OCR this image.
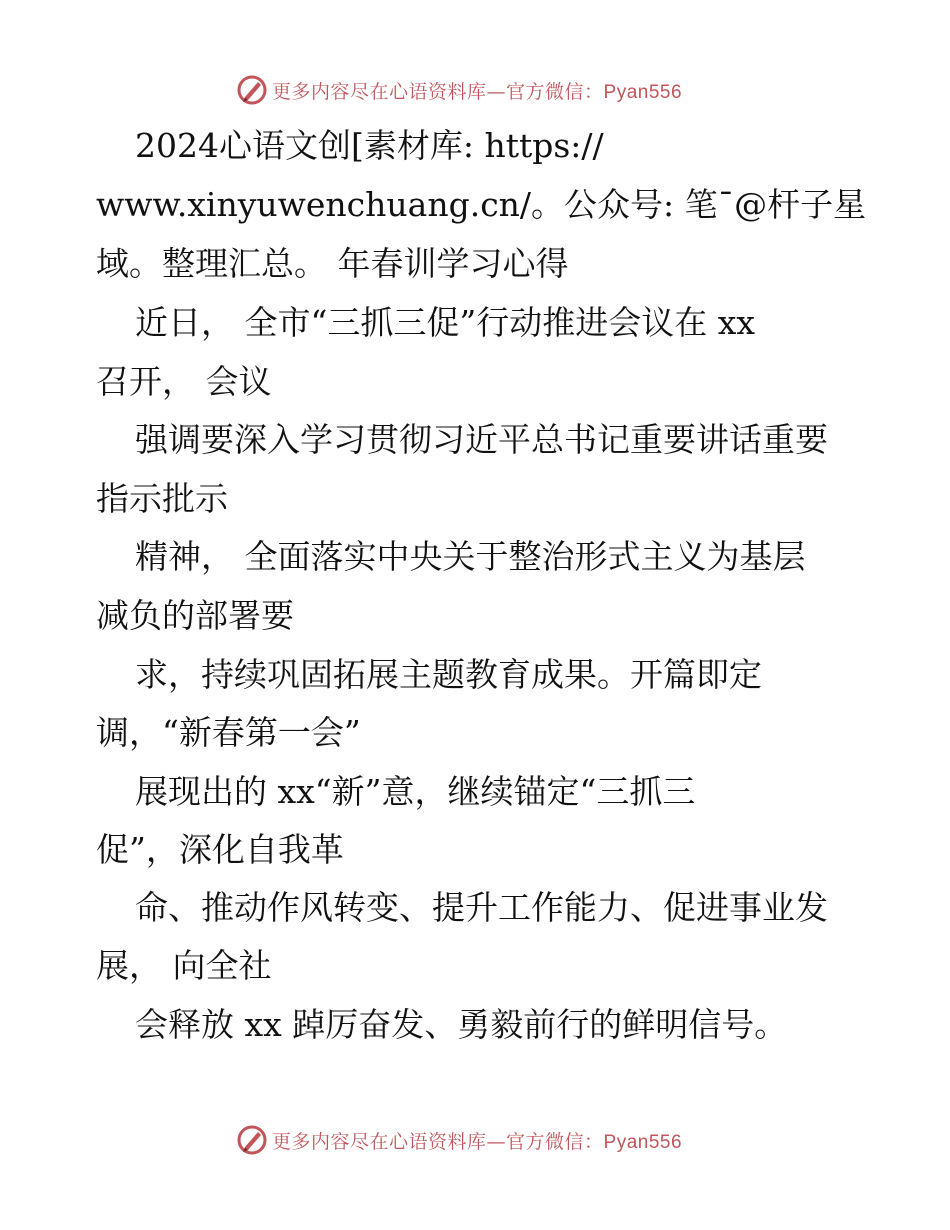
更多内容尽在心语资料库—官方微信：Pyan556
2024心语文创[素材库: https://
www.xinyuwenchuang.cn/。公众号: 笔¯@杆子星
域。整理汇总。 年春训学习心得
近日， 全市“三抓三促”行动推进会议在 xx
召开， 会议
强调要深入学习贯彻习近平总书记重要讲话重要
指示批示
精神， 全面落实中央关于整治形式主义为基层
减负的部署要
求，持续巩固拓展主题教育成果。开篇即定
调，“新春第一会”
展现出的 xx“新”意，继续锚定“三抓三
促”，深化自我革
命、推动作风转变、提升工作能力、促进事业发
展， 向全社
会释放 xx 踔厉奋发、勇毅前行的鲜明信号。
更多内容尽在心语资料库—官方微信：Pyan556
